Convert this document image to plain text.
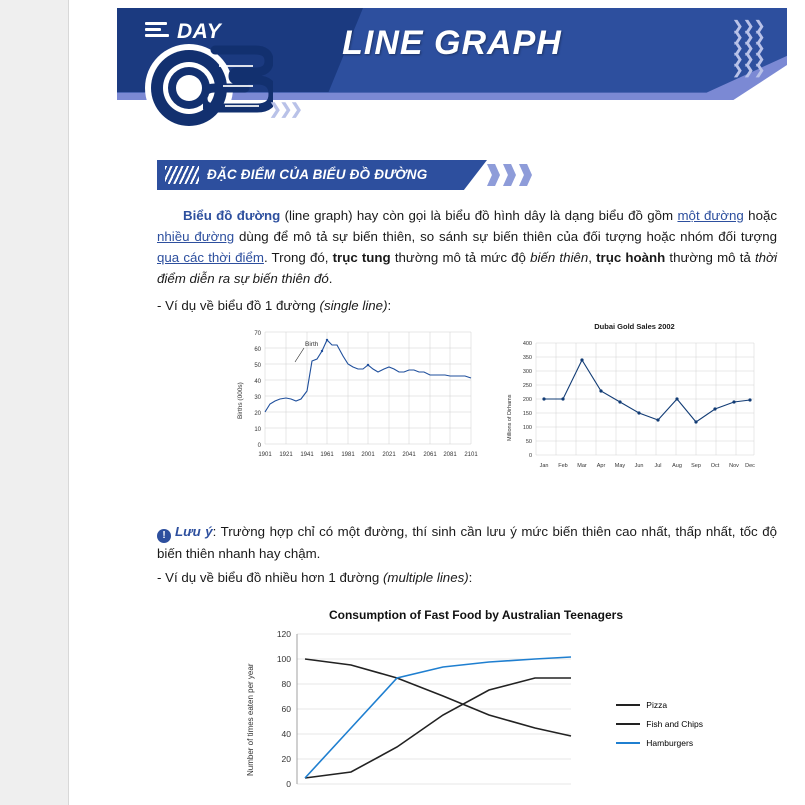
DAY
❯❯❯
LINE GRAPH	❯❯❯
❯❯❯
❯❯❯
❯❯❯
❯❯❯
ĐẶC ĐIỂM CỦA BIỂU ĐỒ ĐƯỜNG

Biểu đồ đường (line graph) hay còn gọi là biểu đồ hình dây là dạng biểu đồ gồm một đường hoặc nhiều đường dùng để mô tả sự biến thiên, so sánh sự biến thiên của đối tượng hoặc nhóm đối tượng qua các thời điểm. Trong đó, trục tung thường mô tả mức độ biến thiên, trục hoành thường mô tả thời điểm diễn ra sự biến thiên đó.

- Ví dụ về biểu đồ 1 đường (single line):
Births (000s)
70
60
50
40
30
20
10
0
1901 1921 1941 1961 1981 2001 2021 2041 2061 2081 2101
Birth
Dubai Gold Sales 2002
Millions of Dirhams
400
350
300
250
200
150
100
50
0
Jan Feb Mar Apr May Jun Jul Aug Sep Oct Nov Dec

! Lưu ý: Trường hợp chỉ có một đường, thí sinh cần lưu ý mức biến thiên cao nhất, thấp nhất, tốc độ biến thiên nhanh hay chậm.

- Ví dụ về biểu đồ nhiều hơn 1 đường (multiple lines):
Consumption of Fast Food by Australian Teenagers
Number of times eaten per year
120
100
80
60
40
20
0
Pizza
Fish and Chips
Hamburgers
